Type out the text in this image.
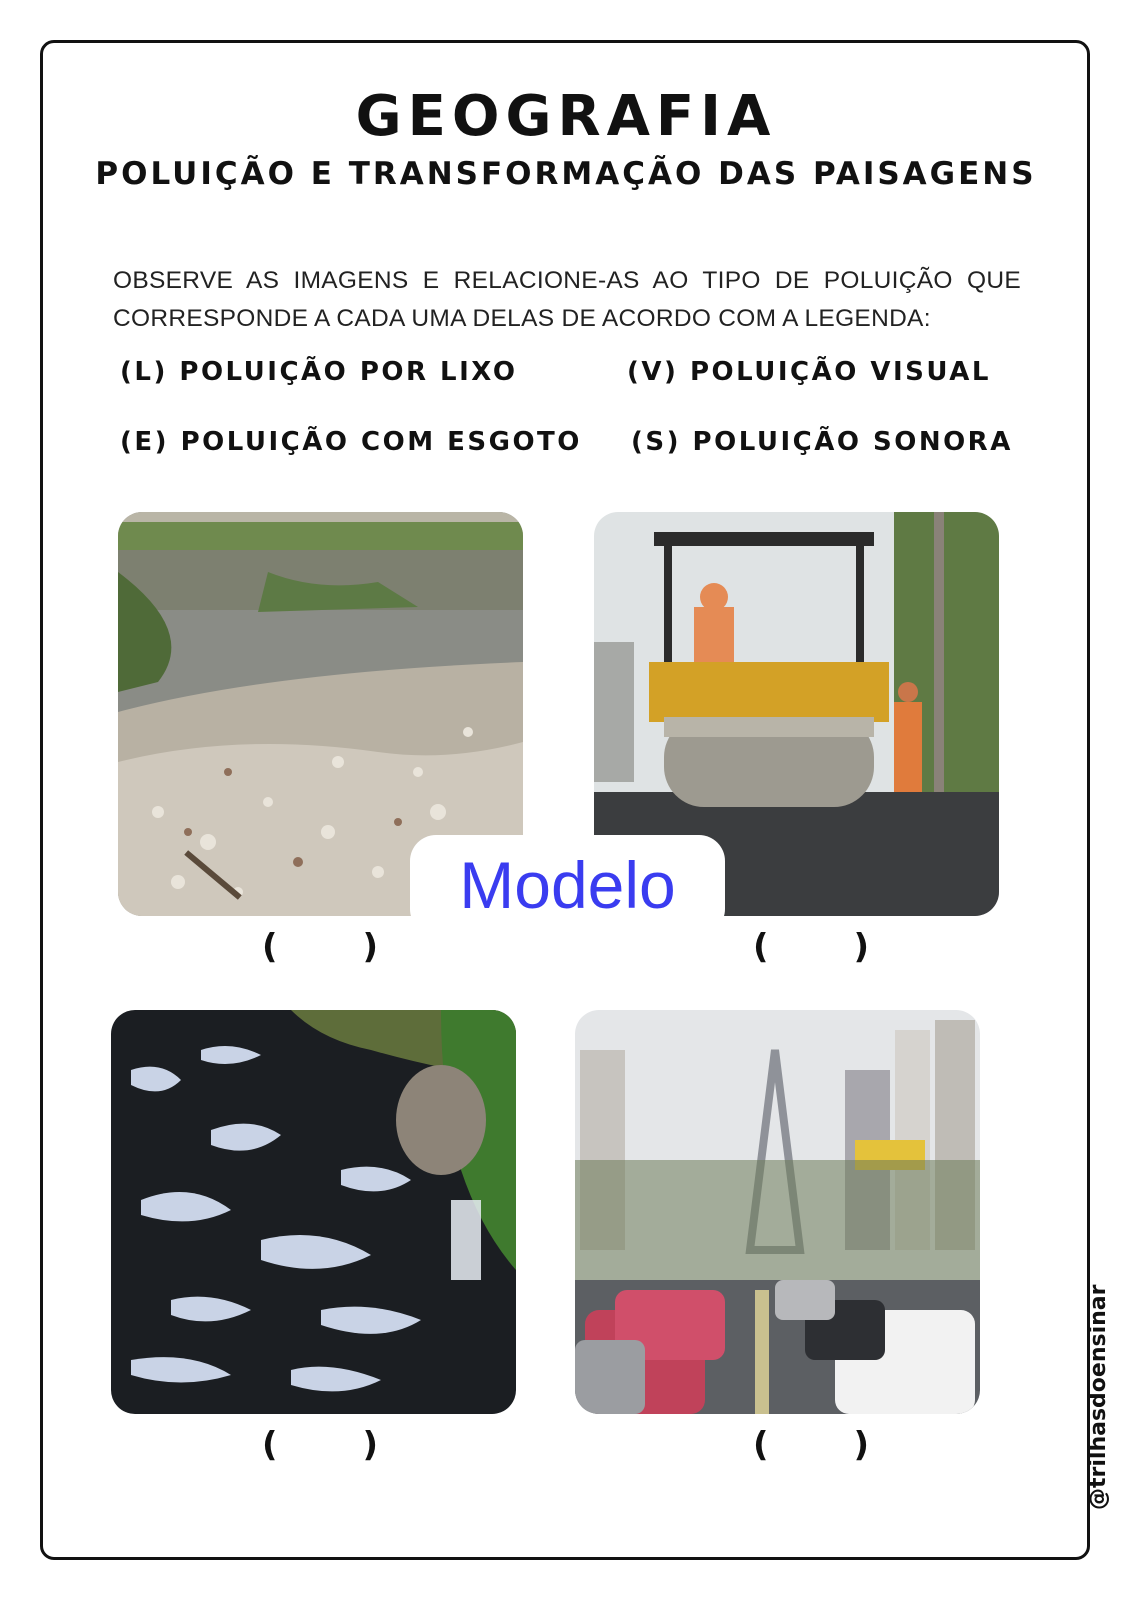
GEOGRAFIA
POLUIÇÃO E TRANSFORMAÇÃO DAS PAISAGENS
OBSERVE AS IMAGENS E RELACIONE-AS AO TIPO DE POLUIÇÃO QUE CORRESPONDE A CADA UMA DELAS DE ACORDO COM A LEGENDA:
(L) POLUIÇÃO POR LIXO	(V) POLUIÇÃO VISUAL
(E) POLUIÇÃO COM ESGOTO (S) POLUIÇÃO SONORA
(      )	(      )
(      )	(      )
Modelo
@trilhasdoensinar
